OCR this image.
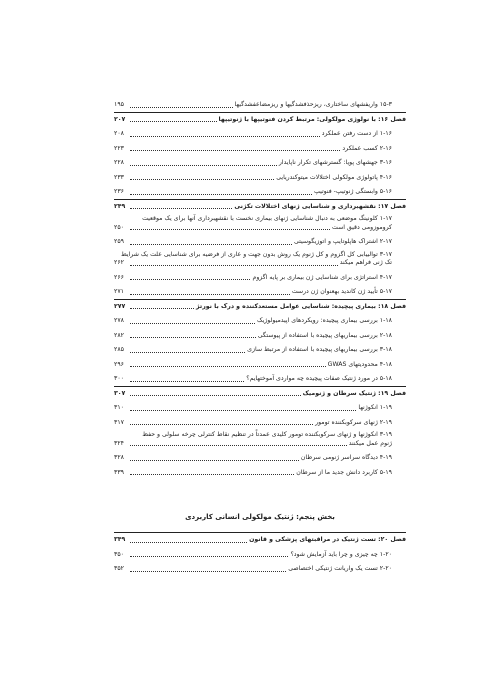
۱۵-۳ واریفشهای ساختاری، ریزحذفشدگیها و ریزمضاعفشدگیها
۱۹۵
فصل ۱۶: با نولوژی مولکولی: مرتبط کردن فنوتیپها با ژنوتیپها
۲۰۷
۱-۱۶ از دست رفتن عملکرد
۲۰۸
۲-۱۶ کسب عملکرد
۲۲۳
۳-۱۶ جهشهای پویا: گسترشهای تکرار ناپایدار
۲۲۸
۴-۱۶ پاتولوژی مولکولی اختلالات میتوکندریایی
۲۳۳
۵-۱۶ وابستگی ژنوتیپ- فنوتیپ
۲۳۶
فصل ۱۷: نقشهبرداری و شناسایی ژنهای اختلالات تکژنی
۲۴۹
۱-۱۷ کلونینگ موضعی به دنبال شناسایی ژنهای بیماری نخست با نقشهبرداری آنها برای یک موقعیت
کروموزومی دقیق است
۲۵۰
۲-۱۷ اشتراک هاپلوتایپ و اتوزیگوسیتی
۲۵۹
۳-۱۷ توالییابی کل اگزوم و کل ژنوم یک روش بدون جهت و عاری از فرضیه برای شناسایی علت یک شرایط
تک ژنی فراهم میکند
۲۶۲
۴-۱۷ استراتژی برای شناسایی ژن بیماری بر پایه اگزوم
۲۶۶
۵-۱۷ تأیید ژن کاندید بهعنوان ژن درست
۲۷۱
فصل ۱۸: بیماری پیچیده: شناسایی عوامل مستعدکننده و درک با نورتژ
۲۷۷
۱-۱۸ بررسی بیماری پیچیده: رویکردهای اپیدمیولوژیک
۲۷۸
۲-۱۸ بررسی بیماریهای پیچیده با استفاده از پیوستگی
۲۸۲
۳-۱۸ بررسی بیماریهای پیچیده با استفاده از مرتبط سازی
۲۸۵
۴-۱۸ محدودیتهای GWAS
۲۹۶
۵-۱۸ در مورد ژنتیک صفات پیچیده چه مواردی آموختهایم؟
۳۰۰
فصل ۱۹: ژنتیک سرطان و ژنومیک
۳۰۷
۱-۱۹ انکوژنها
۳۱۰
۲-۱۹ ژنهای سرکوبکننده تومور
۳۱۷
۳-۱۹ انکوژنها و ژنهای سرکوبکننده تومور کلیدی عمدتاً در تنظیم نقاط کنترلی چرخه سلولی و حفظ
ژنوم عمل میکنند
۳۲۴
۴-۱۹ دیدگاه سراسر ژنومی سرطان
۳۲۸
۵-۱۹ کاربرد دانش جدید ما از سرطان
۳۳۹
بخش پنجم: ژنتیک مولکولی انسانی کاربردی
فصل ۲۰: تست ژنتیک در مراقبتهای پزشکی و قانون
۳۴۹
۱-۲۰ چه چیزی و چرا باید آزمایش شود؟
۳۵۰
۲-۲۰ تست یک واریانت ژنتیکی اختصاصی
۳۵۲
